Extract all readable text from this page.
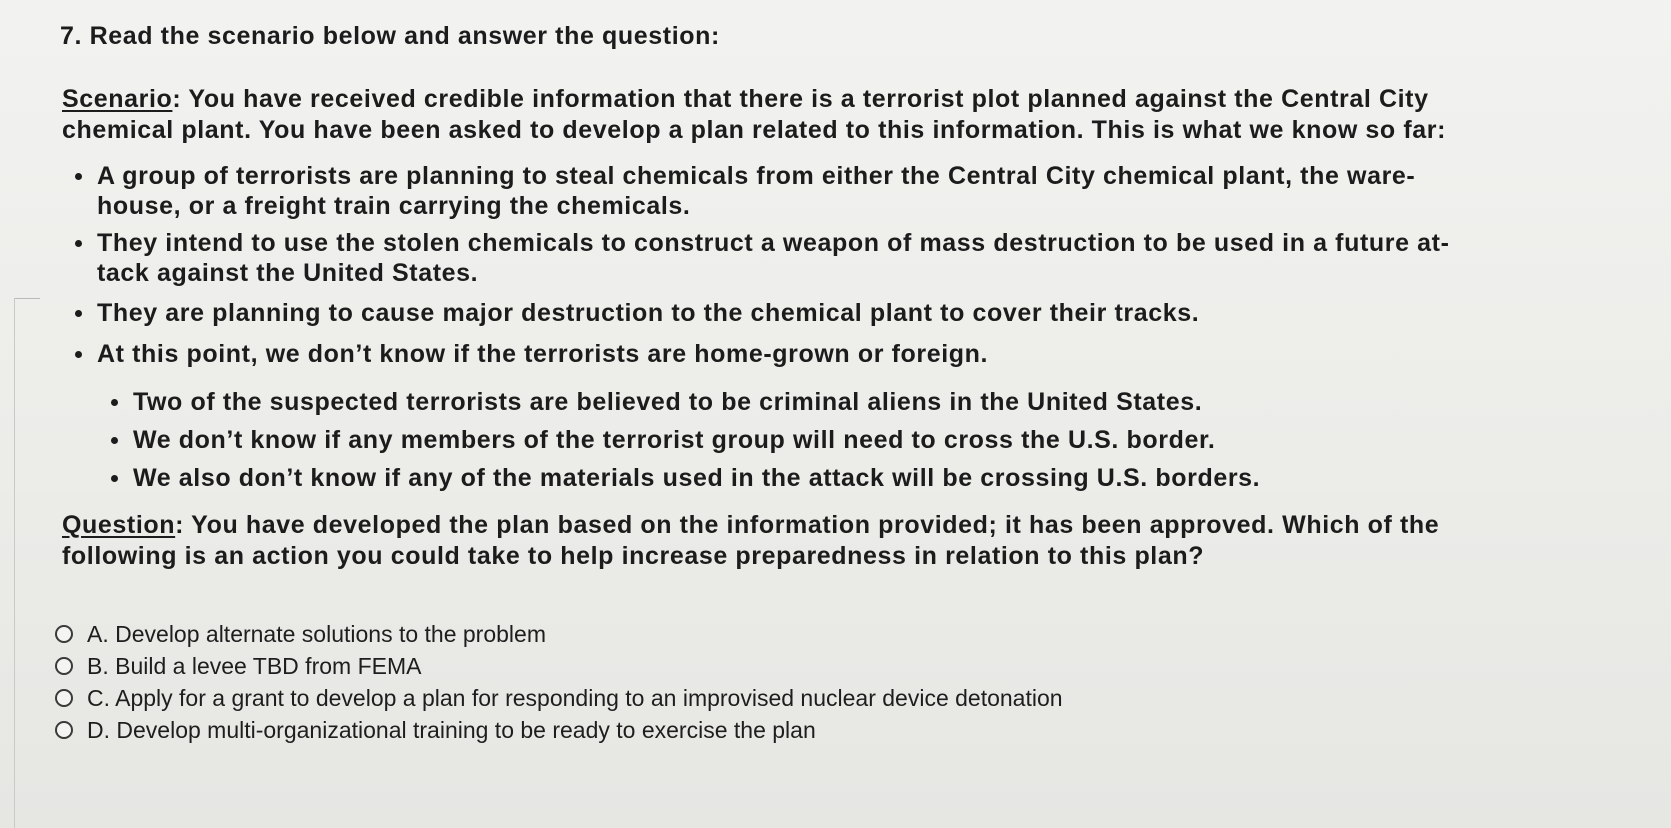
7. Read the scenario below and answer the question:
Scenario: You have received credible information that there is a terrorist plot planned against the Central City
chemical plant. You have been asked to develop a plan related to this information. This is what we know so far:
A group of terrorists are planning to steal chemicals from either the Central City chemical plant, the ware-
house, or a freight train carrying the chemicals.
They intend to use the stolen chemicals to construct a weapon of mass destruction to be used in a future at-
tack against the United States.
They are planning to cause major destruction to the chemical plant to cover their tracks.
At this point, we don’t know if the terrorists are home-grown or foreign.
Two of the suspected terrorists are believed to be criminal aliens in the United States.
We don’t know if any members of the terrorist group will need to cross the U.S. border.
We also don’t know if any of the materials used in the attack will be crossing U.S. borders.
Question: You have developed the plan based on the information provided; it has been approved. Which of the
following is an action you could take to help increase preparedness in relation to this plan?
A. Develop alternate solutions to the problem
B. Build a levee TBD from FEMA
C. Apply for a grant to develop a plan for responding to an improvised nuclear device detonation
D. Develop multi-organizational training to be ready to exercise the plan
